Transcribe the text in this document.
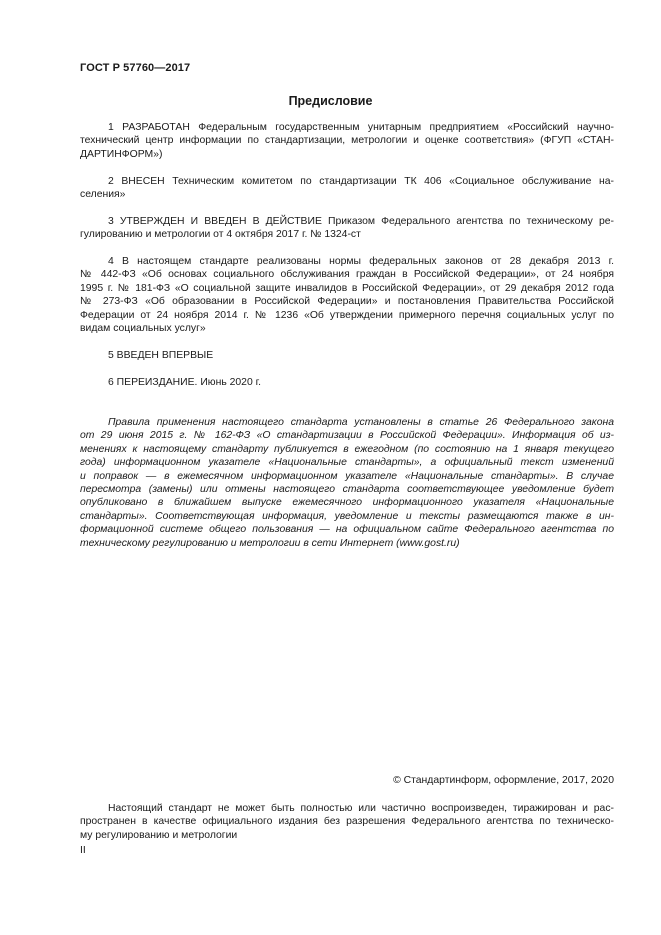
ГОСТ Р 57760—2017
Предисловие
1 РАЗРАБОТАН Федеральным государственным унитарным предприятием «Российский научно-
технический центр информации по стандартизации, метрологии и оценке соответствия» (ФГУП «СТАН-
ДАРТИНФОРМ»)
2 ВНЕСЕН Техническим комитетом по стандартизации ТК 406 «Социальное обслуживание на-
селения»
3 УТВЕРЖДЕН И ВВЕДЕН В ДЕЙСТВИЕ Приказом Федерального агентства по техническому ре-
гулированию и метрологии от 4 октября 2017 г. № 1324-ст
4 В настоящем стандарте реализованы нормы федеральных законов от 28 декабря 2013 г.
№ 442-ФЗ «Об основах социального обслуживания граждан в Российской Федерации», от 24 ноября
1995 г. № 181-ФЗ «О социальной защите инвалидов в Российской Федерации», от 29 декабря 2012 года
№ 273-ФЗ «Об образовании в Российской Федерации» и постановления Правительства Российской
Федерации от 24 ноября 2014 г. № 1236 «Об утверждении примерного перечня социальных услуг по
видам социальных услуг»
5 ВВЕДЕН ВПЕРВЫЕ
6 ПЕРЕИЗДАНИЕ. Июнь 2020 г.
Правила применения настоящего стандарта установлены в статье 26 Федерального закона
от 29 июня 2015 г. № 162-ФЗ «О стандартизации в Российской Федерации». Информация об из-
менениях к настоящему стандарту публикуется в ежегодном (по состоянию на 1 января текущего
года) информационном указателе «Национальные стандарты», а официальный текст изменений
и поправок — в ежемесячном информационном указателе «Национальные стандарты». В случае
пересмотра (замены) или отмены настоящего стандарта соответствующее уведомление будет
опубликовано в ближайшем выпуске ежемесячного информационного указателя «Национальные
стандарты». Соответствующая информация, уведомление и тексты размещаются также в ин-
формационной системе общего пользования — на официальном сайте Федерального агентства по
техническому регулированию и метрологии в сети Интернет (www.gost.ru)
© Стандартинформ, оформление, 2017, 2020
Настоящий стандарт не может быть полностью или частично воспроизведен, тиражирован и рас-
пространен в качестве официального издания без разрешения Федерального агентства по техническо-
му регулированию и метрологии
II
